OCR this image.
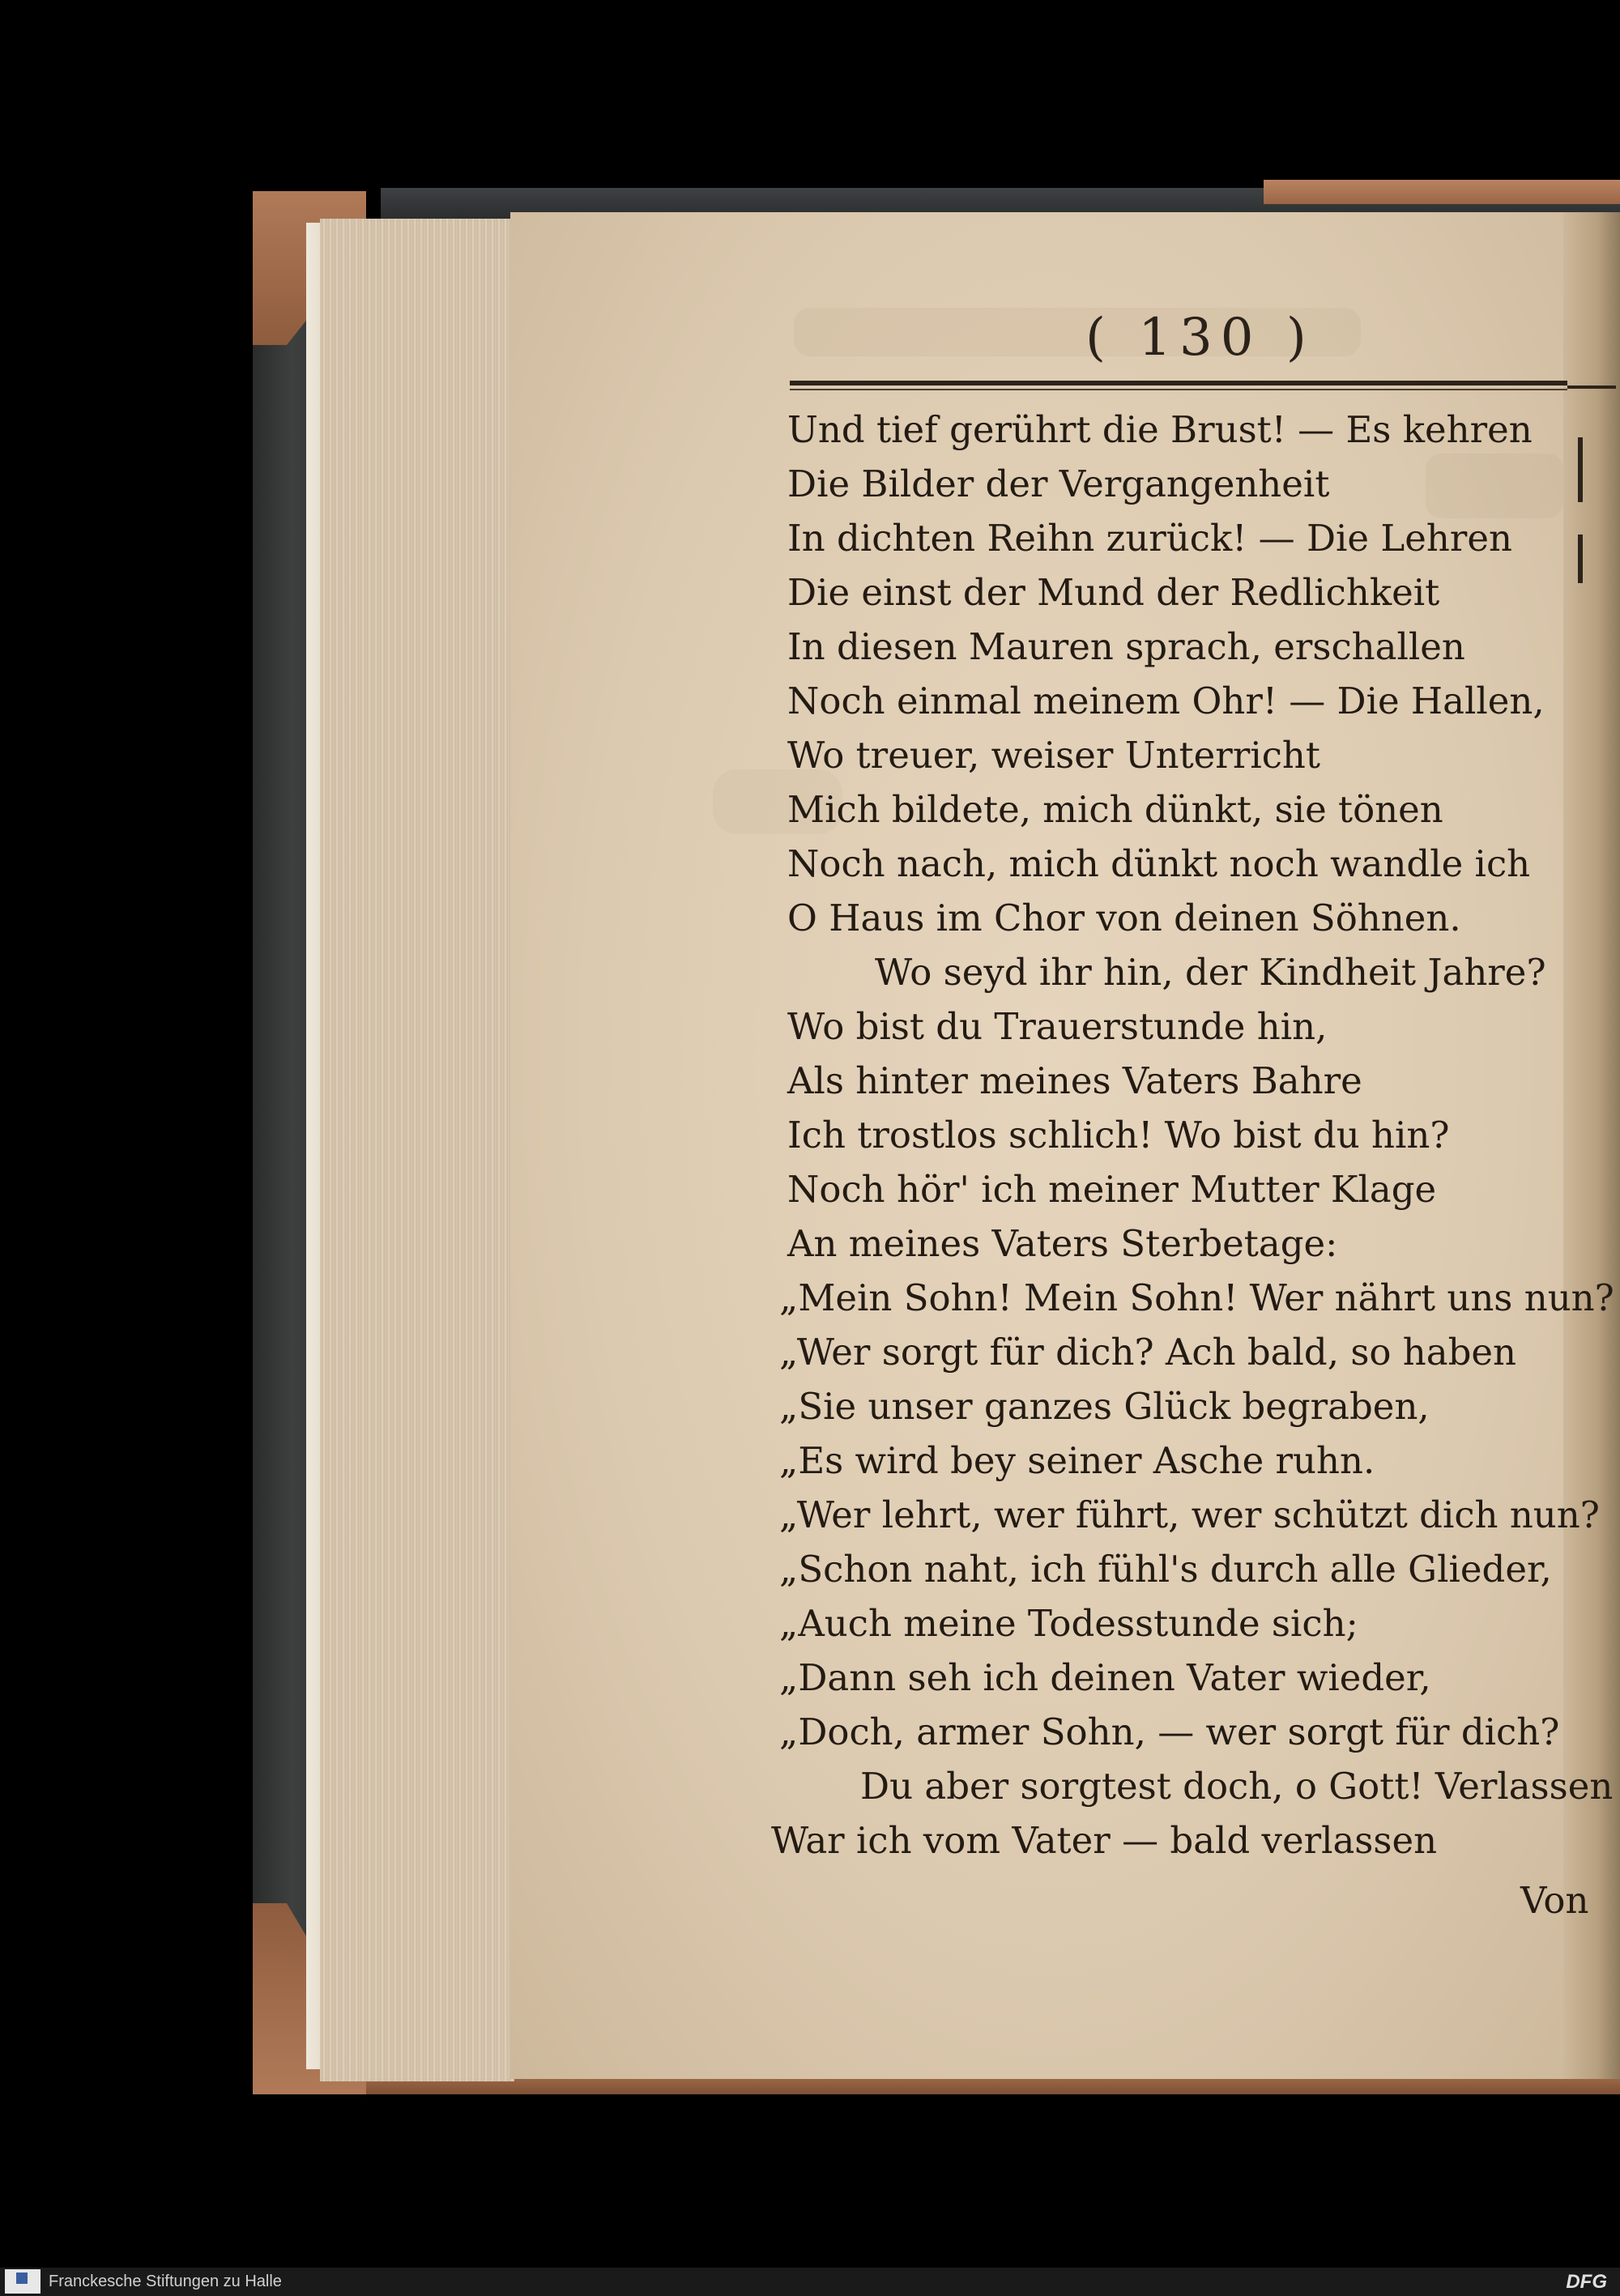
( 130 )
Und tief gerührt die Brust! — Es kehren
Die Bilder der Vergangenheit
In dichten Reihn zurück! — Die Lehren
Die einst der Mund der Redlichkeit
In diesen Mauren sprach, erschallen
Noch einmal meinem Ohr! — Die Hallen,
Wo treuer, weiser Unterricht
Mich bildete, mich dünkt, sie tönen
Noch nach, mich dünkt noch wandle ich
O Haus im Chor von deinen Söhnen.
Wo seyd ihr hin, der Kindheit Jahre?
Wo bist du Trauerstunde hin,
Als hinter meines Vaters Bahre
Ich trostlos schlich! Wo bist du hin?
Noch hör' ich meiner Mutter Klage
An meines Vaters Sterbetage:
„Mein Sohn! Mein Sohn! Wer nährt uns nun?
„Wer sorgt für dich? Ach bald, so haben
„Sie unser ganzes Glück begraben,
„Es wird bey seiner Asche ruhn.
„Wer lehrt, wer führt, wer schützt dich nun?
„Schon naht, ich fühl's durch alle Glieder,
„Auch meine Todesstunde sich;
„Dann seh ich deinen Vater wieder,
„Doch, armer Sohn, — wer sorgt für dich?
Du aber sorgtest doch, o Gott! Verlassen
War ich vom Vater — bald verlassen
Von
Franckesche Stiftungen zu Halle	DFG
